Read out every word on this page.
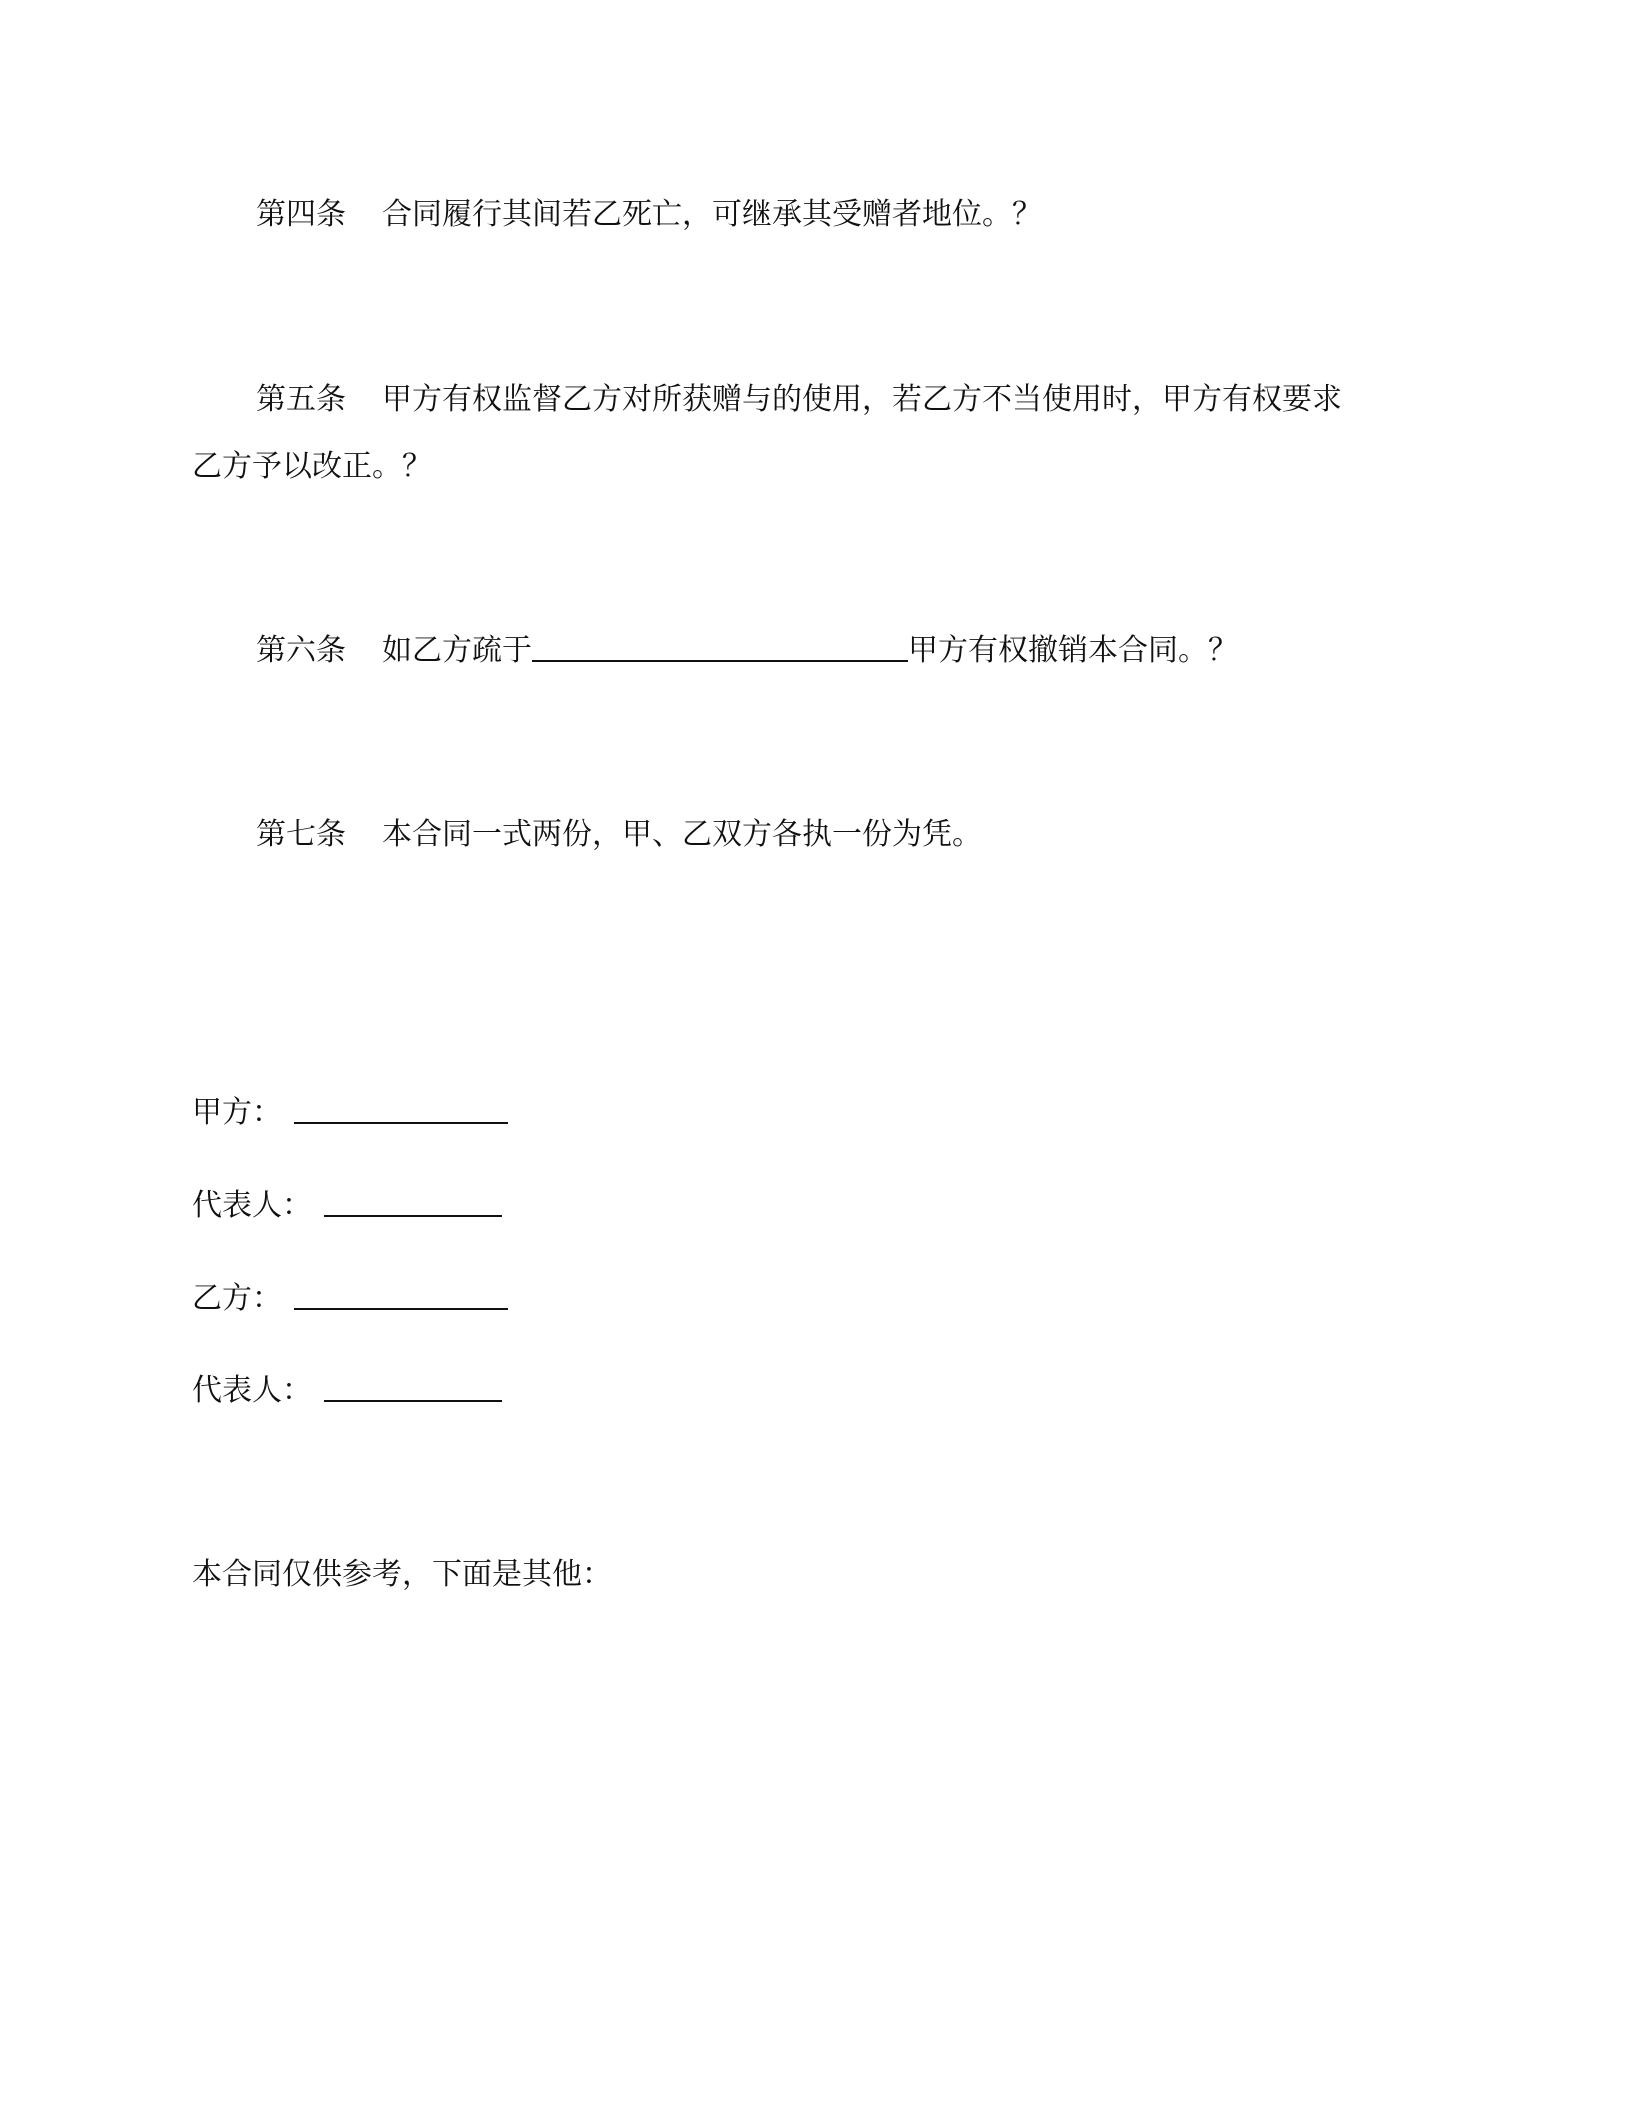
第四条 合同履行其间若乙死亡，可继承其受赠者地位。？
第五条 甲方有权监督乙方对所获赠与的使用，若乙方不当使用时，甲方有权要求
乙方予以改正。？
第六条 如乙方疏于	甲方有权撤销本合同。？
第七条 本合同一式两份，甲、乙双方各执一份为凭。
甲方：
代表人：
乙方：
代表人：
本合同仅供参考，下面是其他：
